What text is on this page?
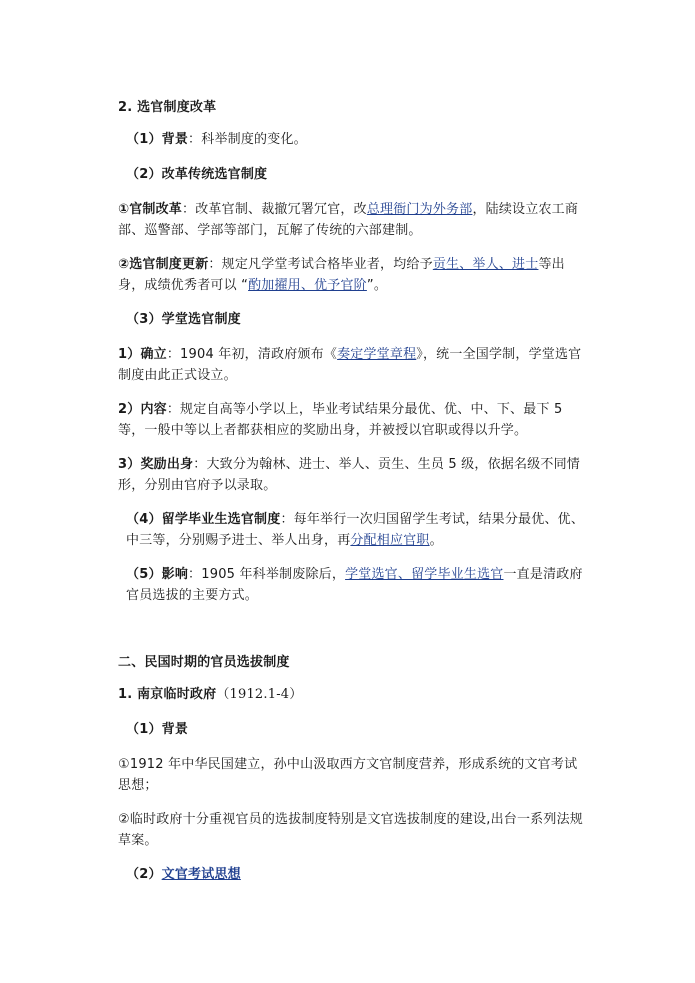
2. 选官制度改革

（1）背景：科举制度的变化。

（2）改革传统选官制度

①官制改革：改革官制、裁撤冗署冗官，改总理衙门为外务部，陆续设立农工商部、巡警部、学部等部门，瓦解了传统的六部建制。

②选官制度更新：规定凡学堂考试合格毕业者，均给予贡生、举人、进士等出身，成绩优秀者可以 “酌加擢用、优予官阶”。

（3）学堂选官制度

1）确立：1904 年初，清政府颁布《奏定学堂章程》，统一全国学制，学堂选官制度由此正式设立。

2）内容：规定自高等小学以上，毕业考试结果分最优、优、中、下、最下 5 等，一般中等以上者都获相应的奖励出身，并被授以官职或得以升学。

3）奖励出身：大致分为翰林、进士、举人、贡生、生员 5 级，依据名级不同情形，分别由官府予以录取。

（4）留学毕业生选官制度：每年举行一次归国留学生考试，结果分最优、优、中三等，分别赐予进士、举人出身，再分配相应官职。

（5）影响：1905 年科举制废除后，学堂选官、留学毕业生选官一直是清政府官员选拔的主要方式。

二、民国时期的官员选拔制度

1. 南京临时政府（1912.1-4）

（1）背景

①1912 年中华民国建立，孙中山汲取西方文官制度营养，形成系统的文官考试思想；

②临时政府十分重视官员的选拔制度特别是文官选拔制度的建设,出台一系列法规草案。

（2）文官考试思想
